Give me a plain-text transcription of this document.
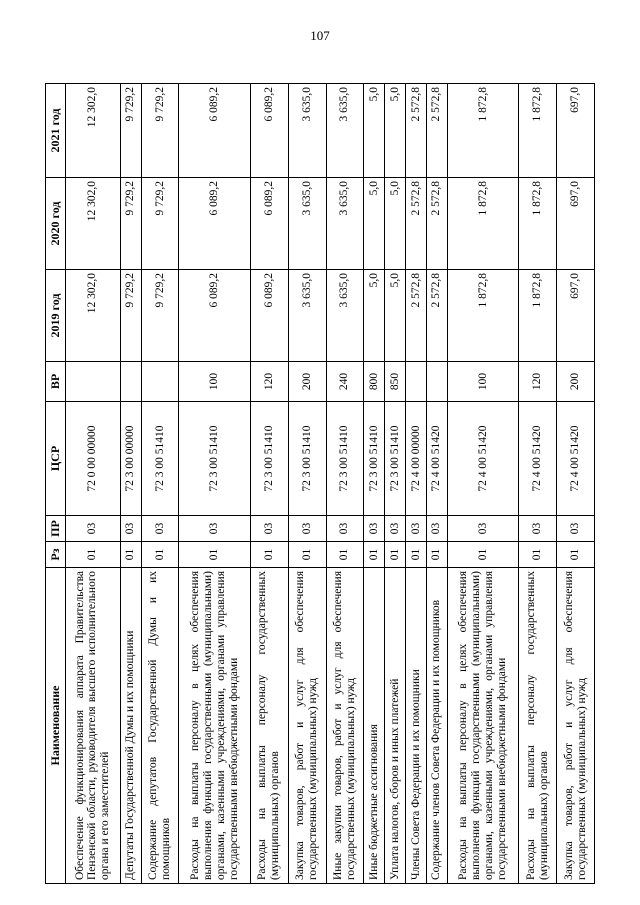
107
Наименование	Рз	ПР	ЦСР	ВР	2019 год	2020 год	2021 год
Обеспечение функционирования аппарата Правительства Пензенской области, руководителя высшего исполнительного органа и его заместителей	01	03	72 0 00 00000		12 302,0	12 302,0	12 302,0
Депутаты Государственной Думы и их помощники	01	03	72 3 00 00000		9 729,2	9 729,2	9 729,2
Содержание депутатов Государственной Думы и их помощников	01	03	72 3 00 51410		9 729,2	9 729,2	9 729,2
Расходы на выплаты персоналу в целях обеспечения выполнения функций государственными (муниципальными) органами, казенными учреждениями, органами управления государственными внебюджетными фондами	01	03	72 3 00 51410	100	6 089,2	6 089,2	6 089,2
Расходы на выплаты персоналу государственных (муниципальных) органов	01	03	72 3 00 51410	120	6 089,2	6 089,2	6 089,2
Закупка товаров, работ и услуг для обеспечения государственных (муниципальных) нужд	01	03	72 3 00 51410	200	3 635,0	3 635,0	3 635,0
Иные закупки товаров, работ и услуг для обеспечения государственных (муниципальных) нужд	01	03	72 3 00 51410	240	3 635,0	3 635,0	3 635,0
Иные бюджетные ассигнования	01	03	72 3 00 51410	800	5,0	5,0	5,0
Уплата налогов, сборов и иных платежей	01	03	72 3 00 51410	850	5,0	5,0	5,0
Члены Совета Федерации и их помощники	01	03	72 4 00 00000		2 572,8	2 572,8	2 572,8
Содержание членов Совета Федерации и их помощников	01	03	72 4 00 51420		2 572,8	2 572,8	2 572,8
Расходы на выплаты персоналу в целях обеспечения выполнения функций государственными (муниципальными) органами, казенными учреждениями, органами управления государственными внебюджетными фондами	01	03	72 4 00 51420	100	1 872,8	1 872,8	1 872,8
Расходы на выплаты персоналу государственных (муниципальных) органов	01	03	72 4 00 51420	120	1 872,8	1 872,8	1 872,8
Закупка товаров, работ и услуг для обеспечения государственных (муниципальных) нужд	01	03	72 4 00 51420	200	697,0	697,0	697,0
